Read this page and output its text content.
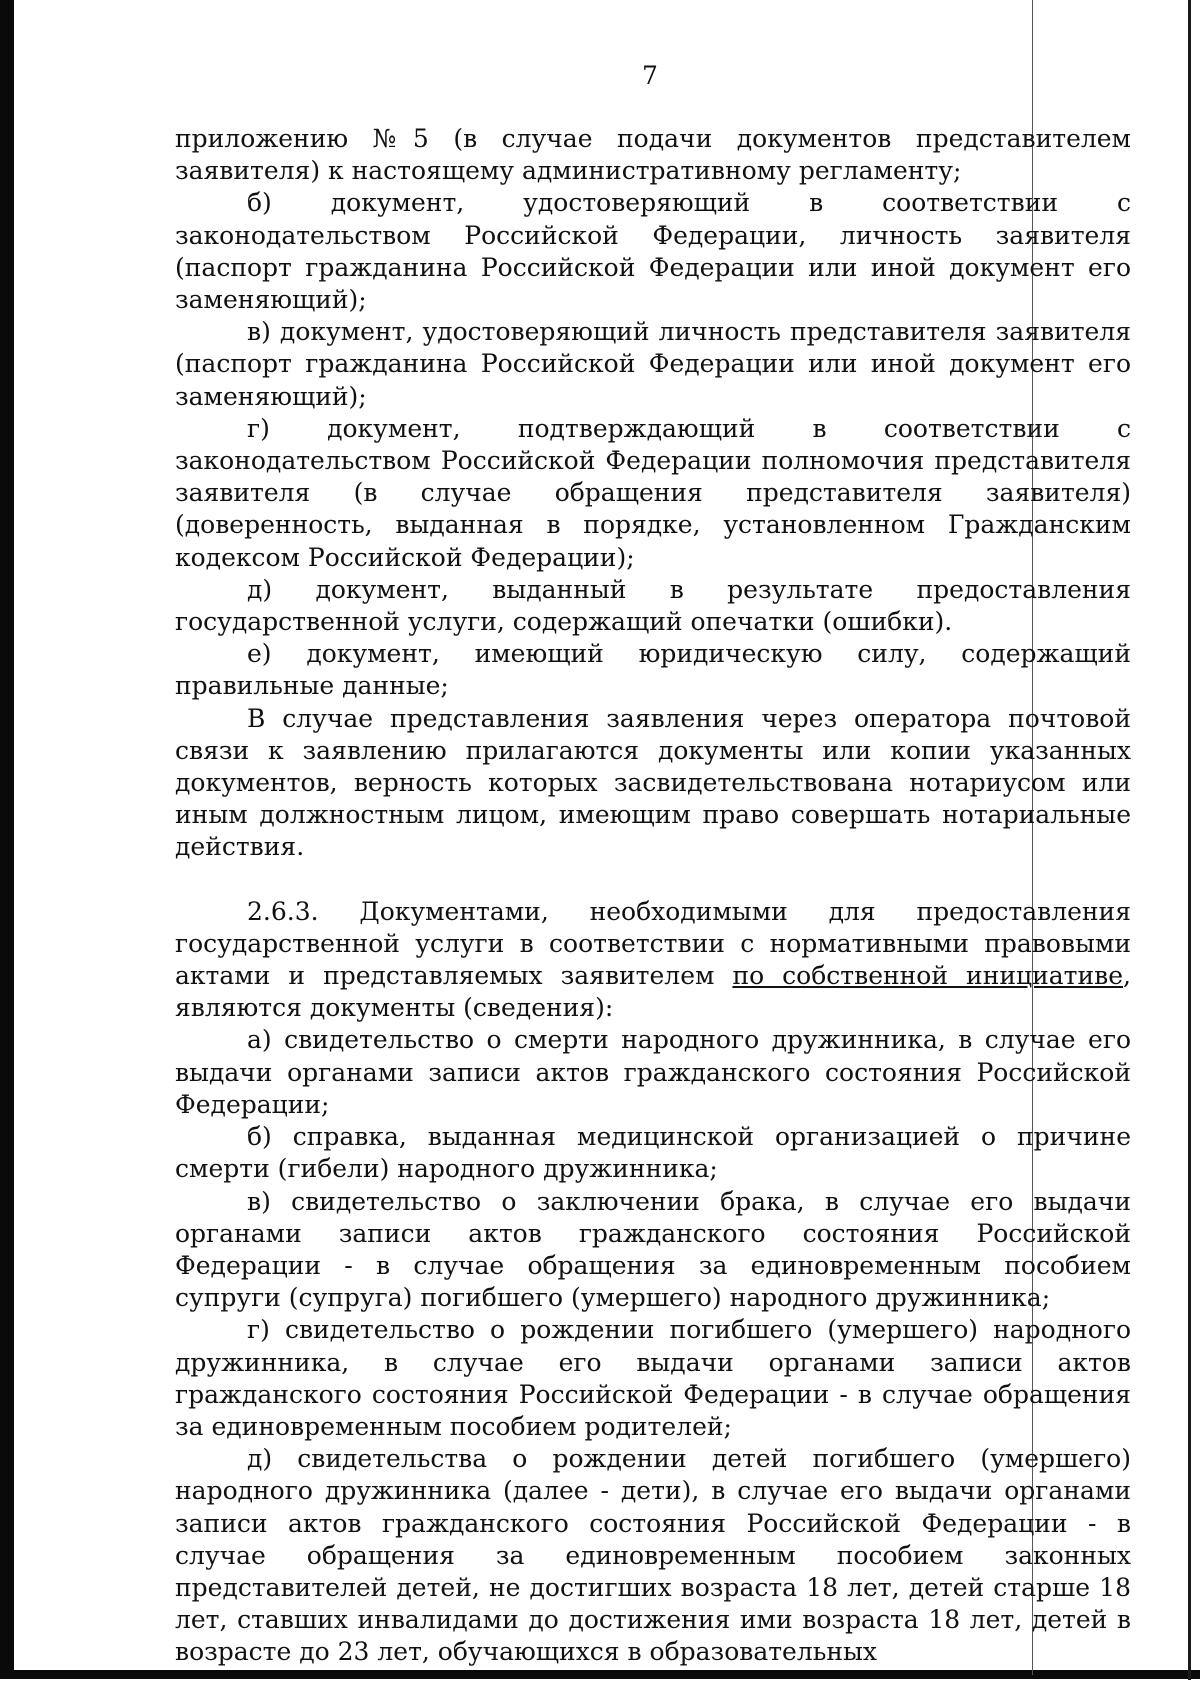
7

приложению №5 (в случае подачи документов представителем заявителя) к настоящему административному регламенту;

б) документ, удостоверяющий в соответствии с законодательством Российской Федерации, личность заявителя (паспорт гражданина Российской Федерации или иной документ его заменяющий);

в) документ, удостоверяющий личность представителя заявителя (паспорт гражданина Российской Федерации или иной документ его заменяющий);

г) документ, подтверждающий в соответствии с законодательством Российской Федерации полномочия представителя заявителя (в случае обращения представителя заявителя) (доверенность, выданная в порядке, установленном Гражданским кодексом Российской Федерации);

д) документ, выданный в результате предоставления государственной услуги, содержащий опечатки (ошибки).

е) документ, имеющий юридическую силу, содержащий правильные данные;

В случае представления заявления через оператора почтовой связи к заявлению прилагаются документы или копии указанных документов, верность которых засвидетельствована нотариусом или иным должностным лицом, имеющим право совершать нотариальные действия.

2.6.3. Документами, необходимыми для предоставления государственной услуги в соответствии с нормативными правовыми актами и представляемых заявителем по собственной инициативе, являются документы (сведения):

а) свидетельство о смерти народного дружинника, в случае его выдачи органами записи актов гражданского состояния Российской Федерации;

б) справка, выданная медицинской организацией о причине смерти (гибели) народного дружинника;

в) свидетельство о заключении брака, в случае его выдачи органами записи актов гражданского состояния Российской Федерации - в случае обращения за единовременным пособием супруги (супруга) погибшего (умершего) народного дружинника;

г) свидетельство о рождении погибшего (умершего) народного дружинника, в случае его выдачи органами записи актов гражданского состояния Российской Федерации - в случае обращения за единовременным пособием родителей;

д) свидетельства о рождении детей погибшего (умершего) народного дружинника (далее - дети), в случае его выдачи органами записи актов гражданского состояния Российской Федерации - в случае обращения за единовременным пособием законных представителей детей, не достигших возраста 18 лет, детей старше 18 лет, ставших инвалидами до достижения ими возраста 18 лет, детей в возрасте до 23 лет, обучающихся в образовательных
